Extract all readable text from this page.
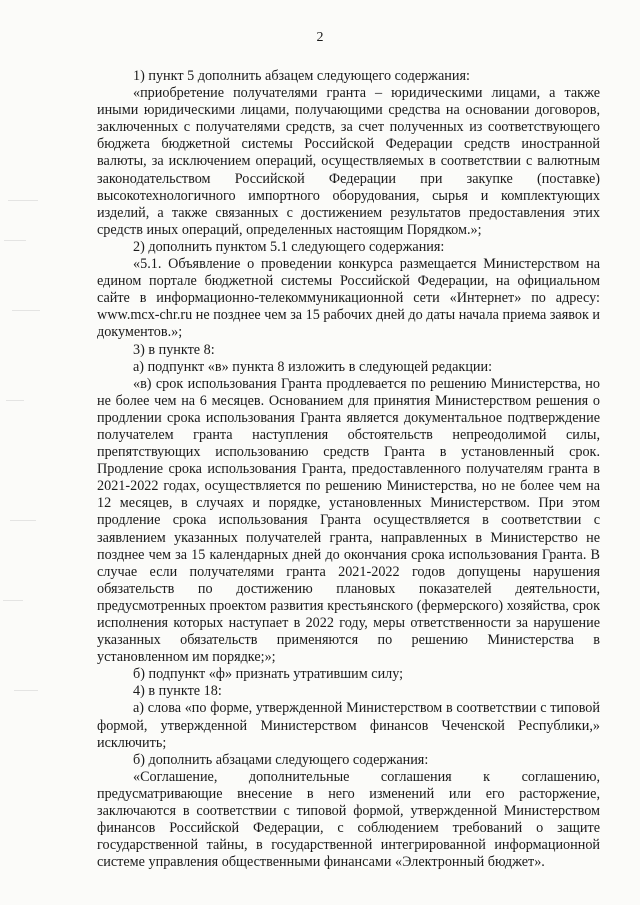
2

1) пункт 5 дополнить абзацем следующего содержания:

«приобретение получателями гранта – юридическими лицами, а также иными юридическими лицами, получающими средства на основании договоров, заключенных с получателями средств, за счет полученных из соответствующего бюджета бюджетной системы Российской Федерации средств иностранной валюты, за исключением операций, осуществляемых в соответствии с валютным законодательством Российской Федерации при закупке (поставке) высокотехнологичного импортного оборудования, сырья и комплектующих изделий, а также связанных с достижением результатов предоставления этих средств иных операций, определенных настоящим Порядком.»;

2) дополнить пунктом 5.1 следующего содержания:

«5.1. Объявление о проведении конкурса размещается Министерством на едином портале бюджетной системы Российской Федерации, на официальном сайте в информационно-телекоммуникационной сети «Интернет» по адресу: www.mcx-chr.ru не позднее чем за 15 рабочих дней до даты начала приема заявок и документов.»;

3) в пункте 8:

а) подпункт «в» пункта 8 изложить в следующей редакции:

«в) срок использования Гранта продлевается по решению Министерства, но не более чем на 6 месяцев. Основанием для принятия Министерством решения о продлении срока использования Гранта является документальное подтверждение получателем гранта наступления обстоятельств непреодолимой силы, препятствующих использованию средств Гранта в установленный срок. Продление срока использования Гранта, предоставленного получателям гранта в 2021-2022 годах, осуществляется по решению Министерства, но не более чем на 12 месяцев, в случаях и порядке, установленных Министерством. При этом продление срока использования Гранта осуществляется в соответствии с заявлением указанных получателей гранта, направленных в Министерство не позднее чем за 15 календарных дней до окончания срока использования Гранта. В случае если получателями гранта 2021-2022 годов допущены нарушения обязательств по достижению плановых показателей деятельности, предусмотренных проектом развития крестьянского (фермерского) хозяйства, срок исполнения которых наступает в 2022 году, меры ответственности за нарушение указанных обязательств применяются по решению Министерства в установленном им порядке;»;

б) подпункт «ф» признать утратившим силу;

4) в пункте 18:

а) слова «по форме, утвержденной Министерством в соответствии с типовой формой, утвержденной Министерством финансов Чеченской Республики,» исключить;

б) дополнить абзацами следующего содержания:

«Соглашение, дополнительные соглашения к соглашению, предусматривающие внесение в него изменений или его расторжение, заключаются в соответствии с типовой формой, утвержденной Министерством финансов Российской Федерации, с соблюдением требований о защите государственной тайны, в государственной интегрированной информационной системе управления общественными финансами «Электронный бюджет».
